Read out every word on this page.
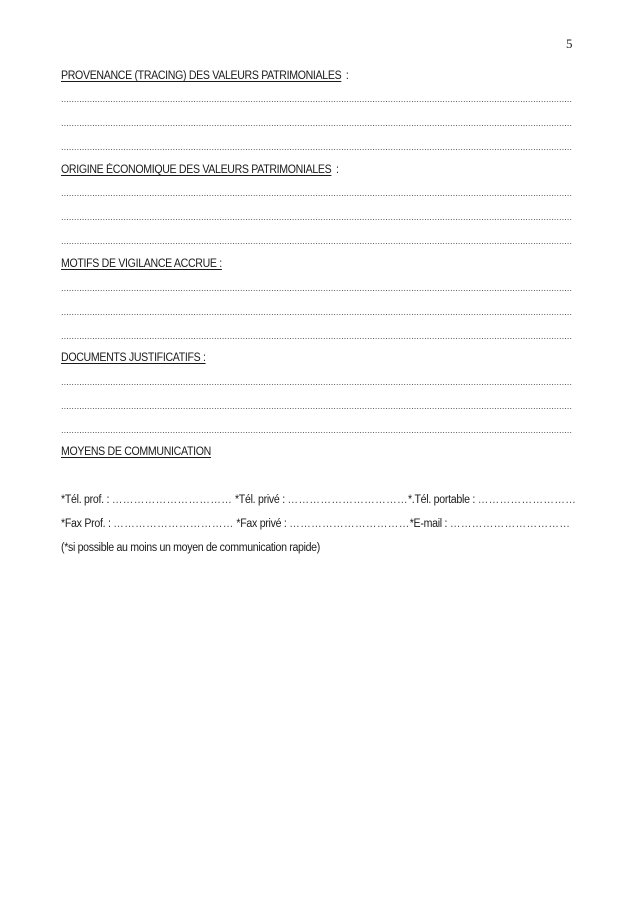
5
PROVENANCE (TRACING) DES VALEURS PATRIMONIALES :
ORIGINE ÉCONOMIQUE DES VALEURS PATRIMONIALES :
MOTIFS DE VIGILANCE ACCRUE :
DOCUMENTS JUSTIFICATIFS :
MOYENS DE COMMUNICATION
*Tél. prof. : …………………………… *Tél. privé : ……………………………*.Tél. portable : ………………………
*Fax Prof. : …………………………… *Fax privé : ……………………………*E-mail : ……………………………
(*si possible au moins un moyen de communication rapide)
